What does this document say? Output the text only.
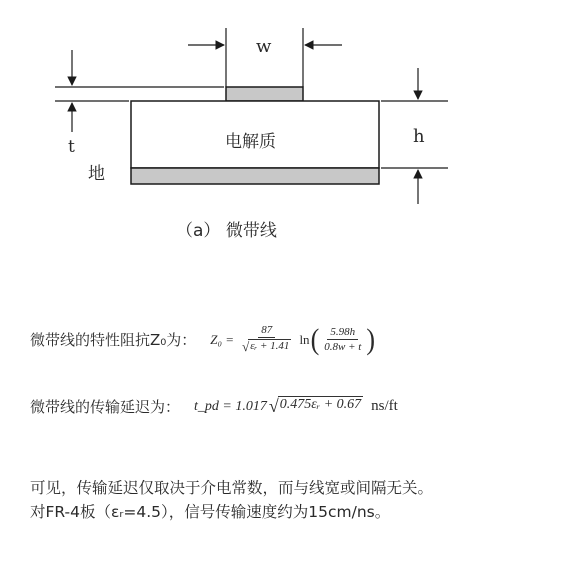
w
t	h
电解质
地
（a） 微带线
微带线的特性阻抗Z₀为： $Z_0 = \frac{87}{\text{√ εᵣ + 1.41}}$ ln ( $\frac{5.98h}{0.8w + t}$ )
微带线的传输延迟为： t_pd = 1.017 √ 0.475εᵣ + 0.67 ns/ft
可见，传输延迟仅取决于介电常数，而与线宽或间隔无关。
对FR-4板（εᵣ=4.5），信号传输速度约为15cm/ns。
